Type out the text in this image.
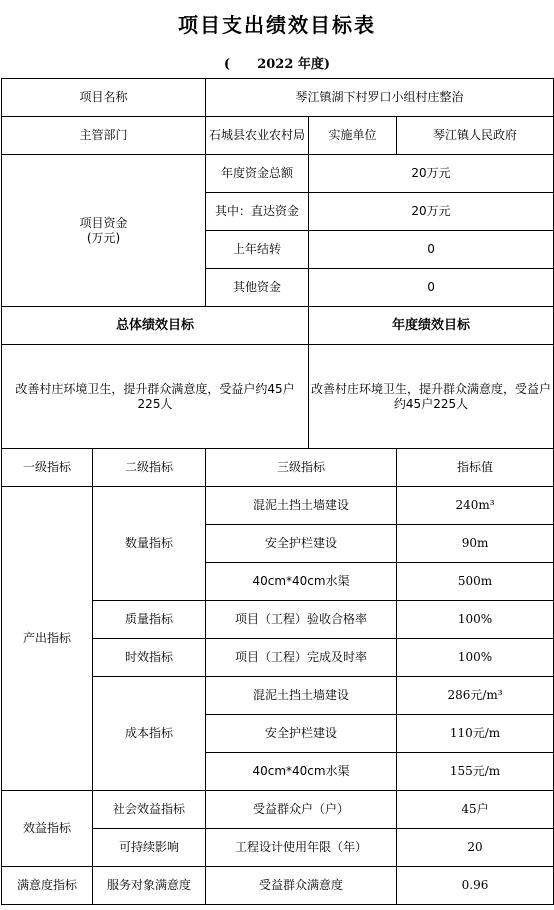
项目支出绩效目标表
(      2022 年度)
项目名称		琴江镇湖下村罗口小组村庄整治		
主管部门		石城县农业农村局	实施单位	琴江镇人民政府
项目资金
(万元)		年度资金总额	20万元	
		其中：直达资金	20万元	
		上年结转	0	
		其他资金	0	
总体绩效目标			年度绩效目标	
改善村庄环境卫生，提升群众满意度，受益户约45户225人			改善村庄环境卫生，提升群众满意度，受益户约45户225人	
一级指标	二级指标	三级指标		指标值
产出指标	数量指标	混泥土挡土墙建设		240m³
		安全护栏建设		90m
		40cm*40cm水渠		500m
	质量指标	项目（工程）验收合格率		100%
	时效指标	项目（工程）完成及时率		100%
	成本指标	混泥土挡土墙建设		286元/m³
		安全护栏建设		110元/m
		40cm*40cm水渠		155元/m
效益指标	社会效益指标	受益群众户（户）		45户
	可持续影响	工程设计使用年限（年）		20
满意度指标	服务对象满意度	受益群众满意度		0.96
